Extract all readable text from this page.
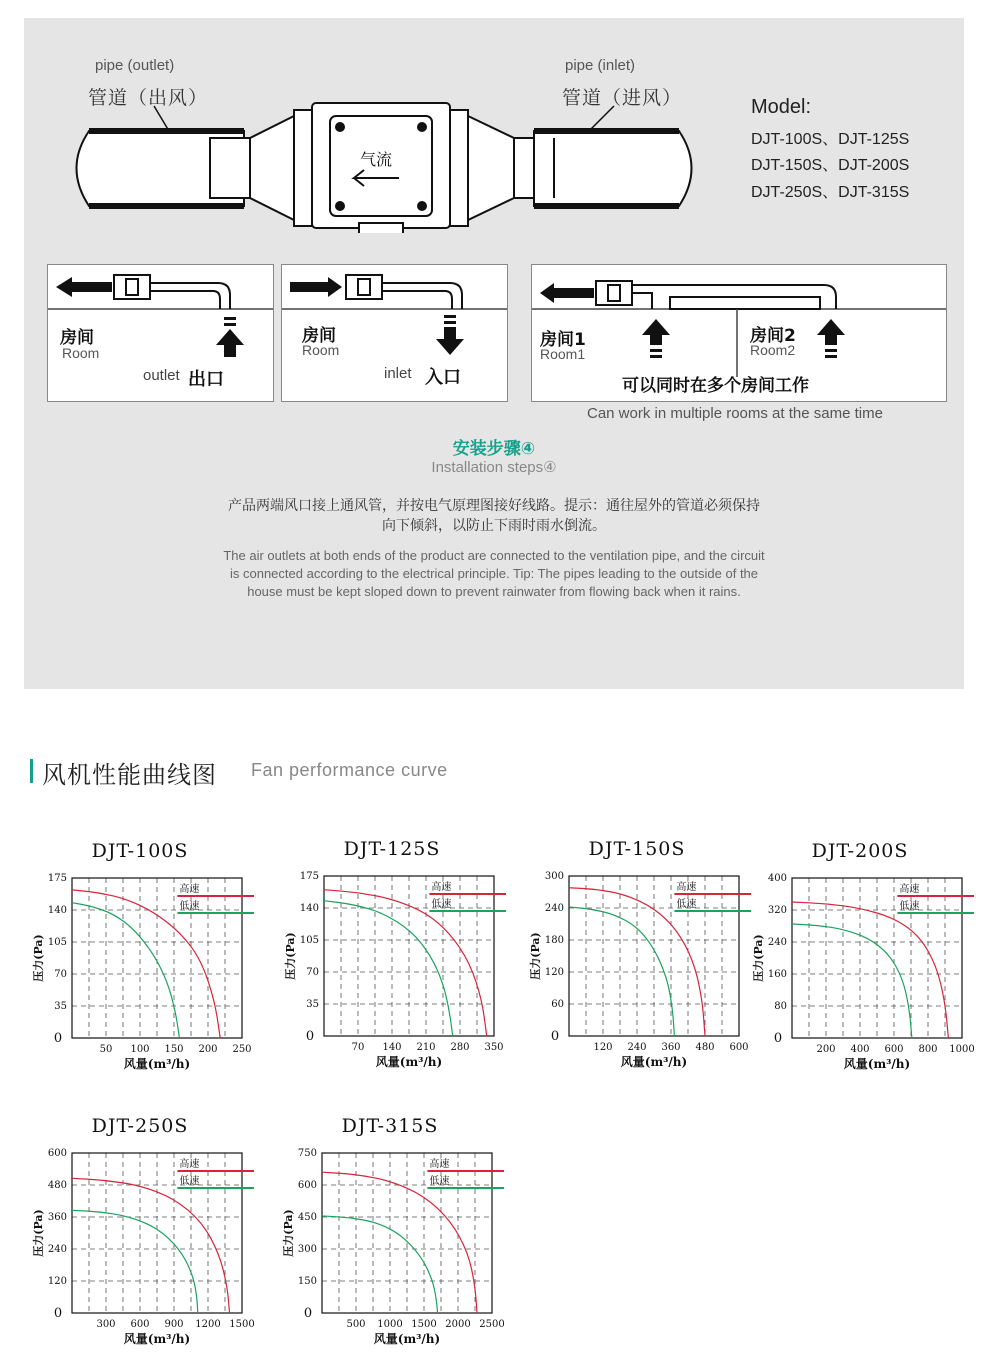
pipe (outlet)
管道（出风）
pipe (inlet)
管道（进风）
气流
Model:
DJT-100S、DJT-125S
DJT-150S、DJT-200S
DJT-250S、DJT-315S
房间
Room
outlet 出口
房间
Room
inlet 入口
房间1
Room1
房间2
Room2
可以同时在多个房间工作
Can work in multiple rooms at the same time
安装步骤④
Installation steps④
产品两端风口接上通风管，并按电气原理图接好线路。提示：通往屋外的管道必须保持
向下倾斜，以防止下雨时雨水倒流。
The air outlets at both ends of the product are connected to the ventilation pipe, and the circuit
is connected according to the electrical principle. Tip: The pipes leading to the outside of the
house must be kept sloped down to prevent rainwater from flowing back when it rains.
风机性能曲线图 Fan performance curve
DJT-100S
35
70
105
140
175
0
50 100 150 200 250
风量(m³/h)
压力(Pa)
高速
低速
DJT-125S
35
70
105
140
175
0
70 140 210 280 350
风量(m³/h)
压力(Pa)
高速
低速
DJT-150S
60
120
180
240
300
0
120 240 360 480 600
风量(m³/h)
压力(Pa)
高速
低速
DJT-200S
80
160
240
320
400
0
200 400 600 800 1000
风量(m³/h)
压力(Pa)
高速
低速
DJT-250S
120
240
360
480
600
0
300 600 900 1200 1500
风量(m³/h)
压力(Pa)
高速
低速
DJT-315S
150
300
450
600
750
0
500 1000 1500 2000 2500
风量(m³/h)
压力(Pa)
高速
低速
